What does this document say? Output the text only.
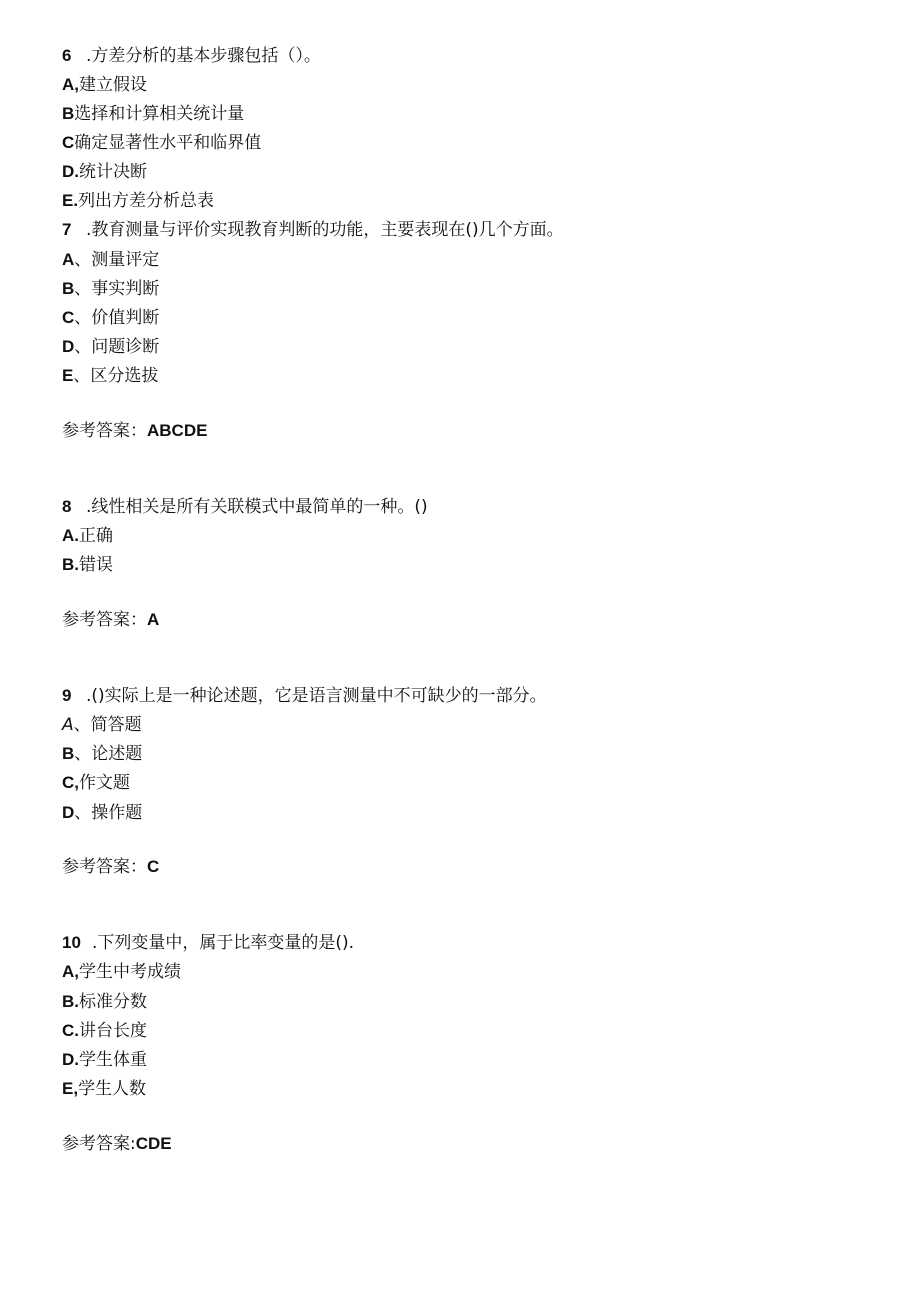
6 .方差分析的基本步骤包括（）。
A,建立假设
B选择和计算相关统计量
C确定显著性水平和临界值
D.统计决断
E.列出方差分析总表
7 .教育测量与评价实现教育判断的功能，主要表现在()几个方面。
A、测量评定
B、事实判断
C、价值判断
D、问题诊断
E、区分选拔
参考答案：ABCDE
8 .线性相关是所有关联模式中最简单的一种。()
A.正确
B.错误
参考答案：A
9 .()实际上是一种论述题，它是语言测量中不可缺少的一部分。
A、简答题
B、论述题
C,作文题
D、操作题
参考答案：C
10 .下列变量中，属于比率变量的是().
A,学生中考成绩
B.标准分数
C.讲台长度
D.学生体重
E,学生人数
参考答案:CDE
